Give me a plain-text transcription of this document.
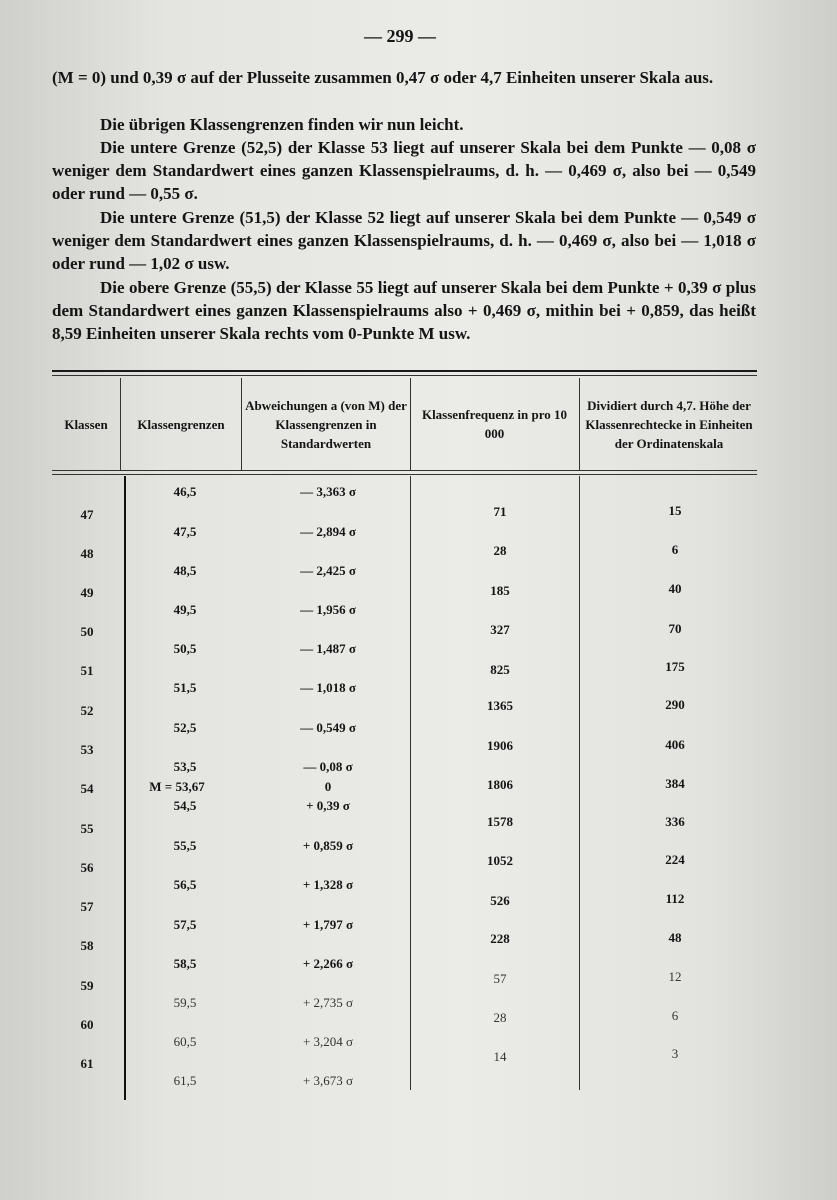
— 299 —

(M = 0) und 0,39 σ auf der Plusseite zusammen 0,47 σ oder 4,7 Einheiten unserer Skala aus.

Die übrigen Klassengrenzen finden wir nun leicht.

Die untere Grenze (52,5) der Klasse 53 liegt auf unserer Skala bei dem Punkte — 0,08 σ weniger dem Standardwert eines ganzen Klassenspielraums, d. h. — 0,469 σ, also bei — 0,549 oder rund — 0,55 σ.

Die untere Grenze (51,5) der Klasse 52 liegt auf unserer Skala bei dem Punkte — 0,549 σ weniger dem Standardwert eines ganzen Klassenspielraums, d. h. — 0,469 σ, also bei — 1,018 σ oder rund — 1,02 σ usw.

Die obere Grenze (55,5) der Klasse 55 liegt auf unserer Skala bei dem Punkte + 0,39 σ plus dem Standardwert eines ganzen Klassenspielraums also + 0,469 σ, mithin bei + 0,859, das heißt 8,59 Einheiten unserer Skala rechts vom 0-Punkte M usw.

Klassen	Klassengrenzen
Abweichungen a (von M) der Klassengrenzen in Standardwerten
Klassenfrequenz in pro 10 000
Dividiert durch 4,7. Höhe der Klassenrechtecke in Einheiten der Ordinatenskala
47
48
49
50
51
52
53
54
55
56
57
58
59
60
61
46,5
47,5
48,5
49,5
50,5
51,5
52,5
53,5
M = 53,67
54,5
55,5
56,5
57,5
58,5
59,5
60,5
61,5
— 3,363 σ
— 2,894 σ
— 2,425 σ
— 1,956 σ
— 1,487 σ
— 1,018 σ
— 0,549 σ
— 0,08 σ
0
+ 0,39 σ
+ 0,859 σ
+ 1,328 σ
+ 1,797 σ
+ 2,266 σ
+ 2,735 σ
+ 3,204 σ
+ 3,673 σ
71
28
185
327
825
1365
1906
1806
1578
1052
526
228
57
28
14
15
6
40
70
175
290
406
384
336
224
112
48
12
6
3
